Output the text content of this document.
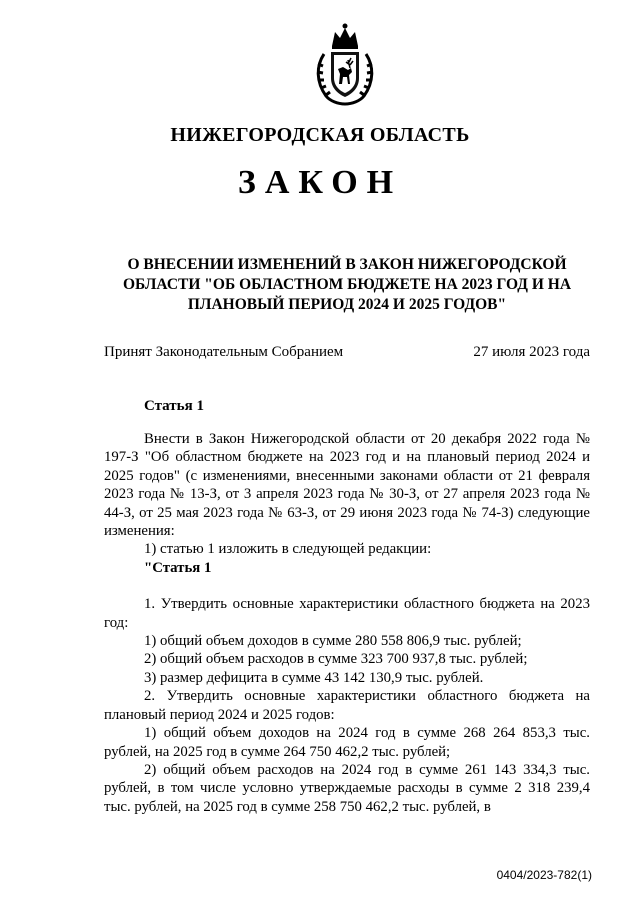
НИЖЕГОРОДСКАЯ ОБЛАСТЬ
ЗАКОН
О ВНЕСЕНИИ ИЗМЕНЕНИЙ В ЗАКОН НИЖЕГОРОДСКОЙ
ОБЛАСТИ "ОБ ОБЛАСТНОМ БЮДЖЕТЕ НА 2023 ГОД И НА
ПЛАНОВЫЙ ПЕРИОД 2024 И 2025 ГОДОВ"
Принят Законодательным Собранием	27 июля 2023 года
Статья 1

Внести в Закон Нижегородской области от 20 декабря 2022 года № 197-З "Об областном бюджете на 2023 год и на плановый период 2024 и 2025 годов" (с изменениями, внесенными законами области от 21 февраля 2023 года № 13-З, от 3 апреля 2023 года № 30-З, от 27 апреля 2023 года № 44-З, от 25 мая 2023 года № 63-З, от 29 июня 2023 года № 74-З) следующие изменения:

1) статью 1 изложить в следующей редакции:

"Статья 1

1. Утвердить основные характеристики областного бюджета на 2023 год:

1) общий объем доходов в сумме 280 558 806,9 тыс. рублей;

2) общий объем расходов в сумме 323 700 937,8 тыс. рублей;

3) размер дефицита в сумме 43 142 130,9 тыс. рублей.

2. Утвердить основные характеристики областного бюджета на плановый период 2024 и 2025 годов:

1) общий объем доходов на 2024 год в сумме 268 264 853,3 тыс. рублей, на 2025 год в сумме 264 750 462,2 тыс. рублей;

2) общий объем расходов на 2024 год в сумме 261 143 334,3 тыс. рублей, в том числе условно утверждаемые расходы в сумме 2 318 239,4 тыс. рублей, на 2025 год в сумме 258 750 462,2 тыс. рублей, в

0404/2023-782(1)
